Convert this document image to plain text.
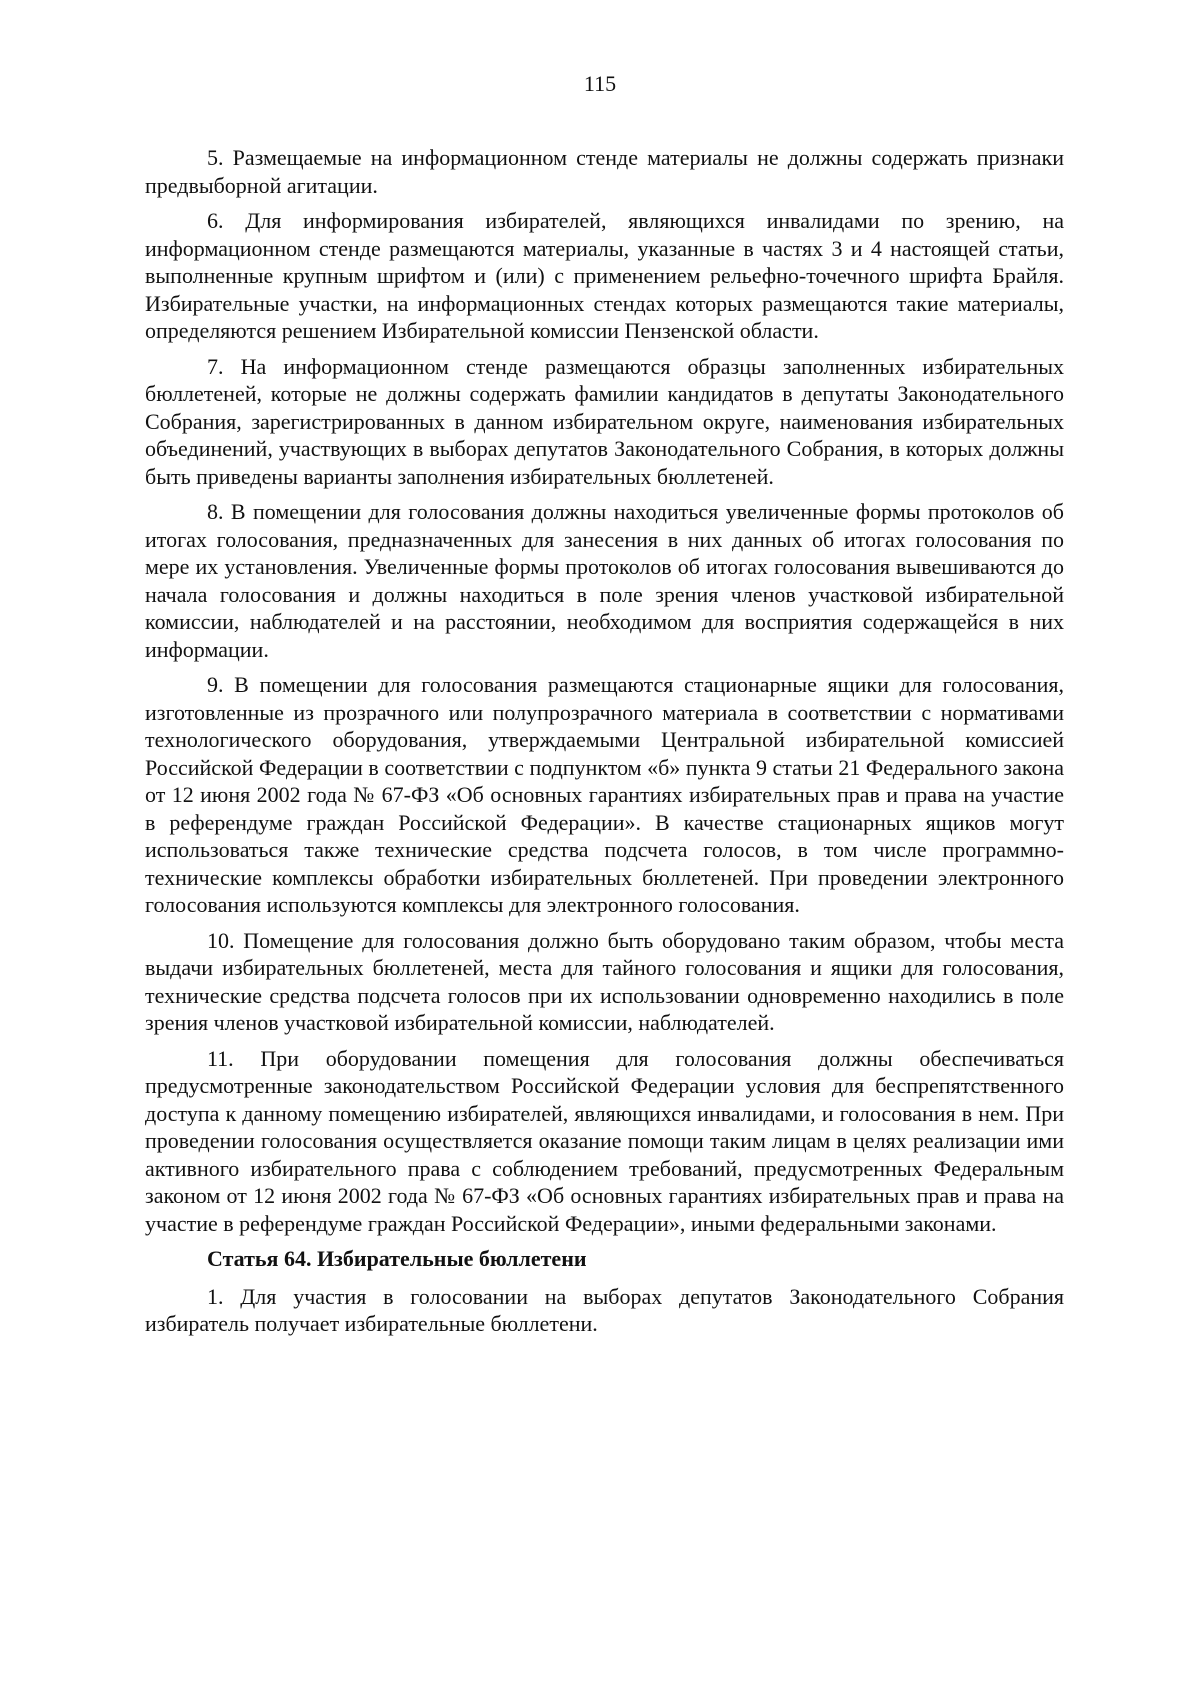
115

5. Размещаемые на информационном стенде материалы не должны содержать признаки предвыборной агитации.

6. Для информирования избирателей, являющихся инвалидами по зрению, на информационном стенде размещаются материалы, указанные в частях 3 и 4 настоящей статьи, выполненные крупным шрифтом и (или) с применением рельефно-точечного шрифта Брайля. Избирательные участки, на информационных стендах которых размещаются такие материалы, определяются решением Избирательной комиссии Пензенской области.

7. На информационном стенде размещаются образцы заполненных избирательных бюллетеней, которые не должны содержать фамилии кандидатов в депутаты Законодательного Собрания, зарегистрированных в данном избирательном округе, наименования избирательных объединений, участвующих в выборах депутатов Законодательного Собрания, в которых должны быть приведены варианты заполнения избирательных бюллетеней.

8. В помещении для голосования должны находиться увеличенные формы протоколов об итогах голосования, предназначенных для занесения в них данных об итогах голосования по мере их установления. Увеличенные формы протоколов об итогах голосования вывешиваются до начала голосования и должны находиться в поле зрения членов участковой избирательной комиссии, наблюдателей и на расстоянии, необходимом для восприятия содержащейся в них информации.

9. В помещении для голосования размещаются стационарные ящики для голосования, изготовленные из прозрачного или полупрозрачного материала в соответствии с нормативами технологического оборудования, утверждаемыми Центральной избирательной комиссией Российской Федерации в соответствии с подпунктом «б» пункта 9 статьи 21 Федерального закона от 12 июня 2002 года № 67-ФЗ «Об основных гарантиях избирательных прав и права на участие в референдуме граждан Российской Федерации». В качестве стационарных ящиков могут использоваться также технические средства подсчета голосов, в том числе программно-технические комплексы обработки избирательных бюллетеней. При проведении электронного голосования используются комплексы для электронного голосования.

10. Помещение для голосования должно быть оборудовано таким образом, чтобы места выдачи избирательных бюллетеней, места для тайного голосования и ящики для голосования, технические средства подсчета голосов при их использовании одновременно находились в поле зрения членов участковой избирательной комиссии, наблюдателей.

11. При оборудовании помещения для голосования должны обеспечиваться предусмотренные законодательством Российской Федерации условия для беспрепятственного доступа к данному помещению избирателей, являющихся инвалидами, и голосования в нем. При проведении голосования осуществляется оказание помощи таким лицам в целях реализации ими активного избирательного права с соблюдением требований, предусмотренных Федеральным законом от 12 июня 2002 года № 67-ФЗ «Об основных гарантиях избирательных прав и права на участие в референдуме граждан Российской Федерации», иными федеральными законами.

Статья 64. Избирательные бюллетени

1. Для участия в голосовании на выборах депутатов Законодательного Собрания избиратель получает избирательные бюллетени.
